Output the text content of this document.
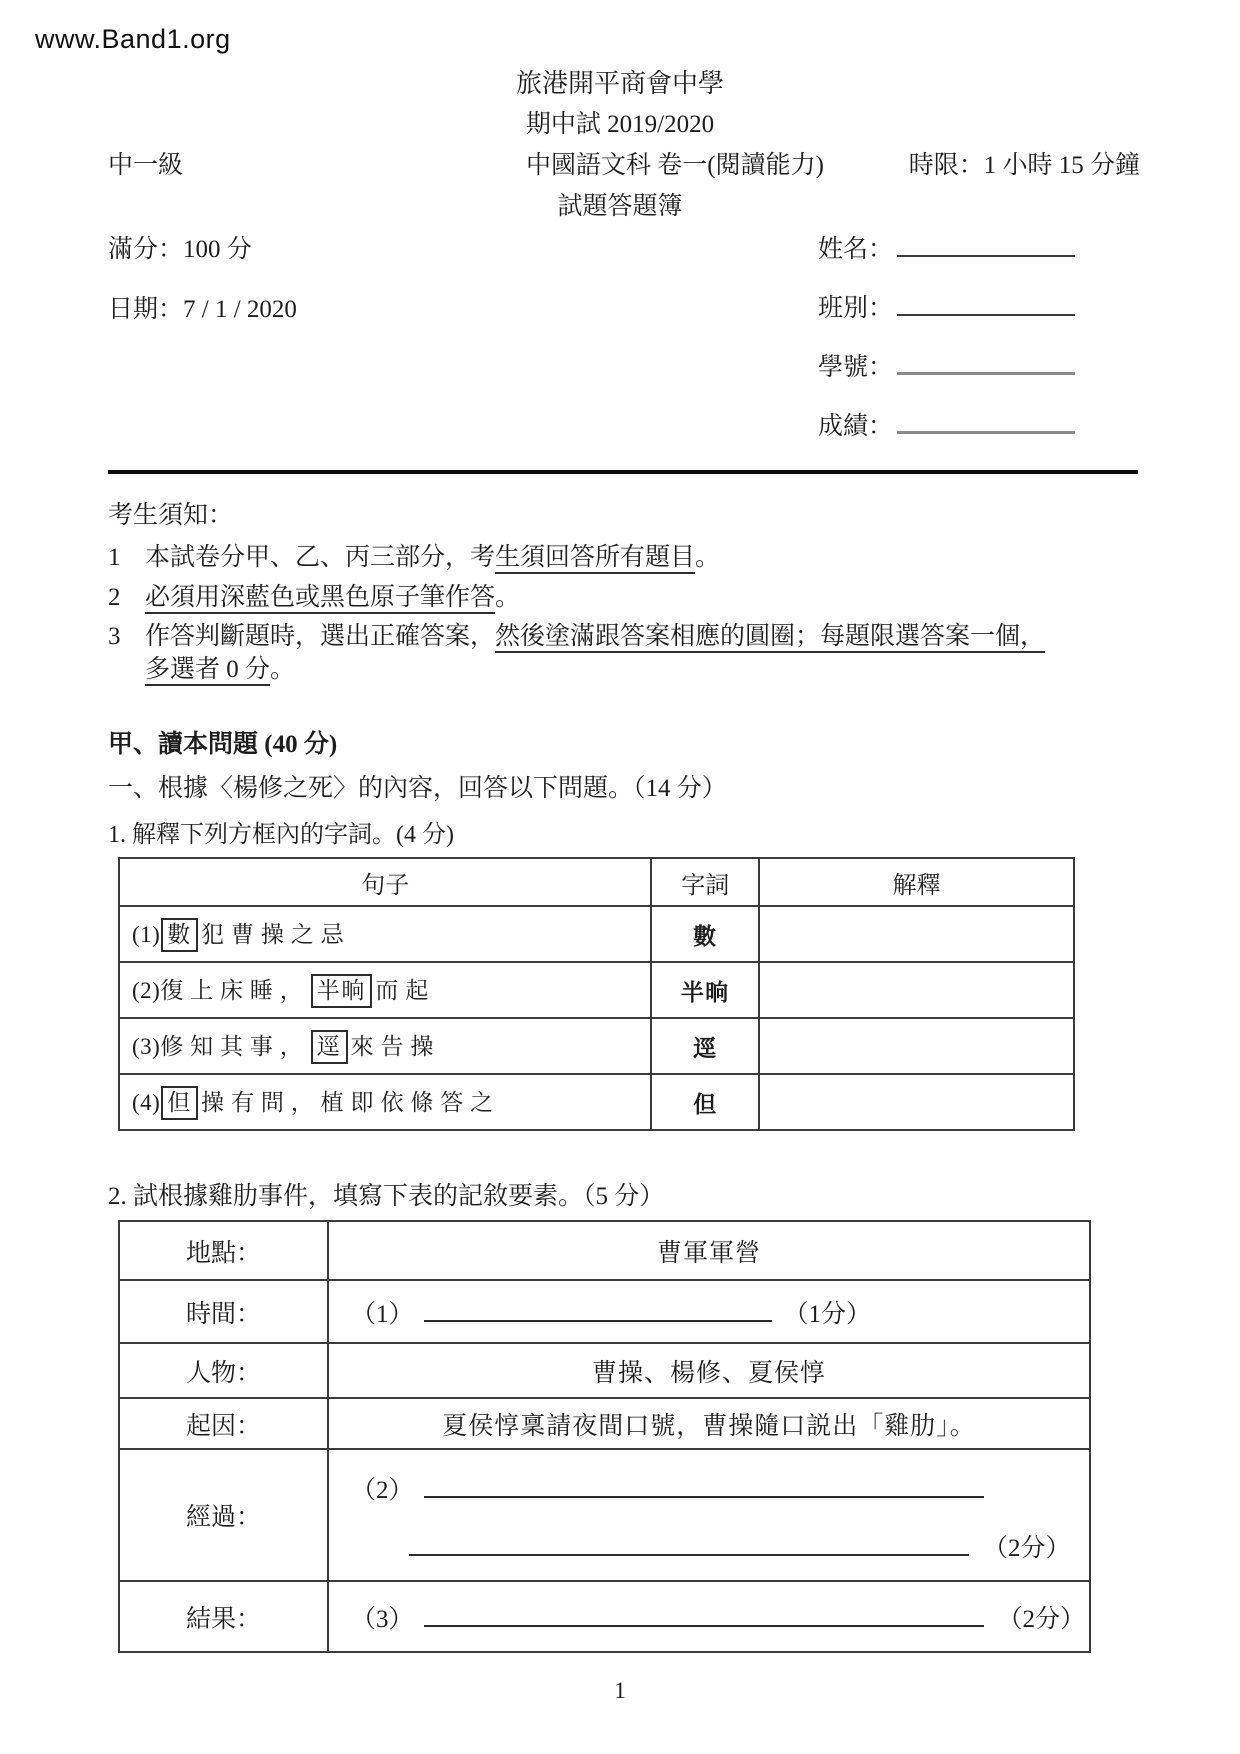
www.Band1.org
旅港開平商會中學
期中試 2019/2020
中一級	中國語文科 卷一(閱讀能力)	時限：1 小時 15 分鐘
試題答題簿
滿分：100 分
日期：7 / 1 / 2020
姓名：
班別：
學號：
成績：
考生須知：
1 本試卷分甲、乙、丙三部分，考生須回答所有題目。
2 必須用深藍色或黑色原子筆作答。
3 作答判斷題時，選出正確答案，然後塗滿跟答案相應的圓圈；每題限選答案一個，
多選者 0 分。
甲、讀本問題 (40 分)
一、根據〈楊修之死〉的內容，回答以下問題。（14 分）
1. 解釋下列方框內的字詞。(4 分)
句子	字詞	解釋
(1) 數 犯曹操之忌	數	
(2)復上床睡， 半晌 而起	半晌	
(3)修知其事， 逕 來告操	逕	
(4) 但 操有問，植即依條答之	但	
2. 試根據雞肋事件，填寫下表的記敘要素。（5 分）
地點：	曹軍軍營
時間：	（1） （1分）
人物：	曹操、楊修、夏侯惇
起因：	夏侯惇稟請夜間口號，曹操隨口説出「雞肋」。
經過：	（2）
（2分）

結果：	（3） （2分）
1
